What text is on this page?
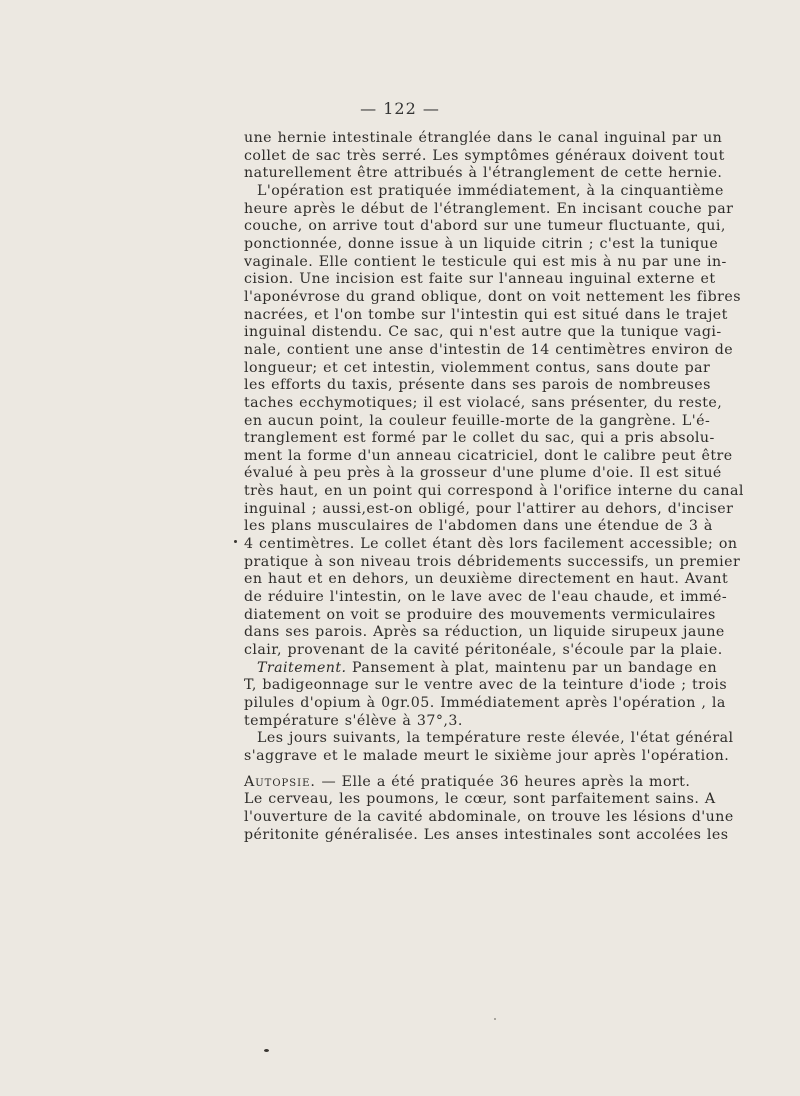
— 122 —
une hernie intestinale étranglée dans le canal inguinal par un
collet de sac très serré. Les symptômes généraux doivent tout
naturellement être attribués à l'étranglement de cette hernie.
L'opération est pratiquée immédiatement, à la cinquantième
heure après le début de l'étranglement. En incisant couche par
couche, on arrive tout d'abord sur une tumeur fluctuante, qui,
ponctionnée, donne issue à un liquide citrin ; c'est la tunique
vaginale. Elle contient le testicule qui est mis à nu par une in-
cision. Une incision est faite sur l'anneau inguinal externe et
l'aponévrose du grand oblique, dont on voit nettement les fibres
nacrées, et l'on tombe sur l'intestin qui est situé dans le trajet
inguinal distendu. Ce sac, qui n'est autre que la tunique vagi-
nale, contient une anse d'intestin de 14 centimètres environ de
longueur; et cet intestin, violemment contus, sans doute par
les efforts du taxis, présente dans ses parois de nombreuses
taches ecchymotiques; il est violacé, sans présenter, du reste,
en aucun point, la couleur feuille-morte de la gangrène. L'é-
tranglement est formé par le collet du sac, qui a pris absolu-
ment la forme d'un anneau cicatriciel, dont le calibre peut être
évalué à peu près à la grosseur d'une plume d'oie. Il est situé
très haut, en un point qui correspond à l'orifice interne du canal
inguinal ; aussi,est-on obligé, pour l'attirer au dehors, d'inciser
les plans musculaires de l'abdomen dans une étendue de 3 à
4 centimètres. Le collet étant dès lors facilement accessible; on
pratique à son niveau trois débridements successifs, un premier
en haut et en dehors, un deuxième directement en haut. Avant
de réduire l'intestin, on le lave avec de l'eau chaude, et immé-
diatement on voit se produire des mouvements vermiculaires
dans ses parois. Après sa réduction, un liquide sirupeux jaune
clair, provenant de la cavité péritonéale, s'écoule par la plaie.
Traitement. Pansement à plat, maintenu par un bandage en
T, badigeonnage sur le ventre avec de la teinture d'iode ; trois
pilules d'opium à 0gr.05. Immédiatement après l'opération , la
température s'élève à 37°,3.
Les jours suivants, la température reste élevée, l'état général
s'aggrave et le malade meurt le sixième jour après l'opération.
Autopsie. — Elle a été pratiquée 36 heures après la mort.
Le cerveau, les poumons, le cœur, sont parfaitement sains. A
l'ouverture de la cavité abdominale, on trouve les lésions d'une
péritonite généralisée. Les anses intestinales sont accolées les
